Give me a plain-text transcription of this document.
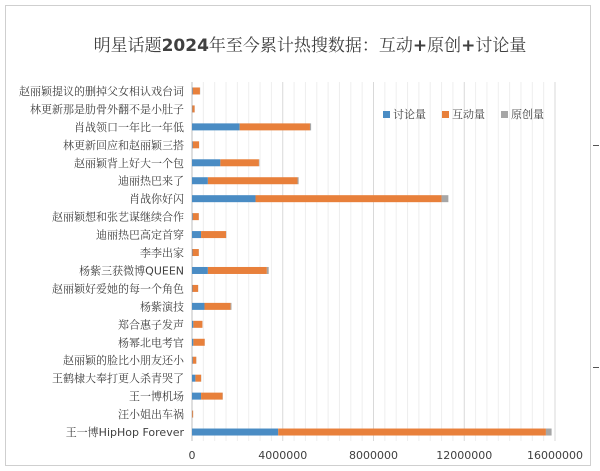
明星话题2024年至今累计热搜数据：互动+原创+讨论量
赵丽颖提议的删掉父女相认戏台词
林更新那是肋骨外翻不是小肚子
肖战领口一年比一年低
林更新回应和赵丽颖三搭
赵丽颖背上好大一个包
迪丽热巴来了
肖战你好闪
赵丽颖想和张艺谋继续合作
迪丽热巴高定首穿
李李出家
杨紫三获微博QUEEN
赵丽颖好爱她的每一个角色
杨紫演技
郑合惠子发声
杨幂北电考官
赵丽颖的脸比小朋友还小
王鹤棣大奉打更人杀青哭了
王一博机场
汪小姐出车祸
王一博HipHop Forever
0	4000000	8000000	12000000	16000000
讨论量 互动量 原创量
